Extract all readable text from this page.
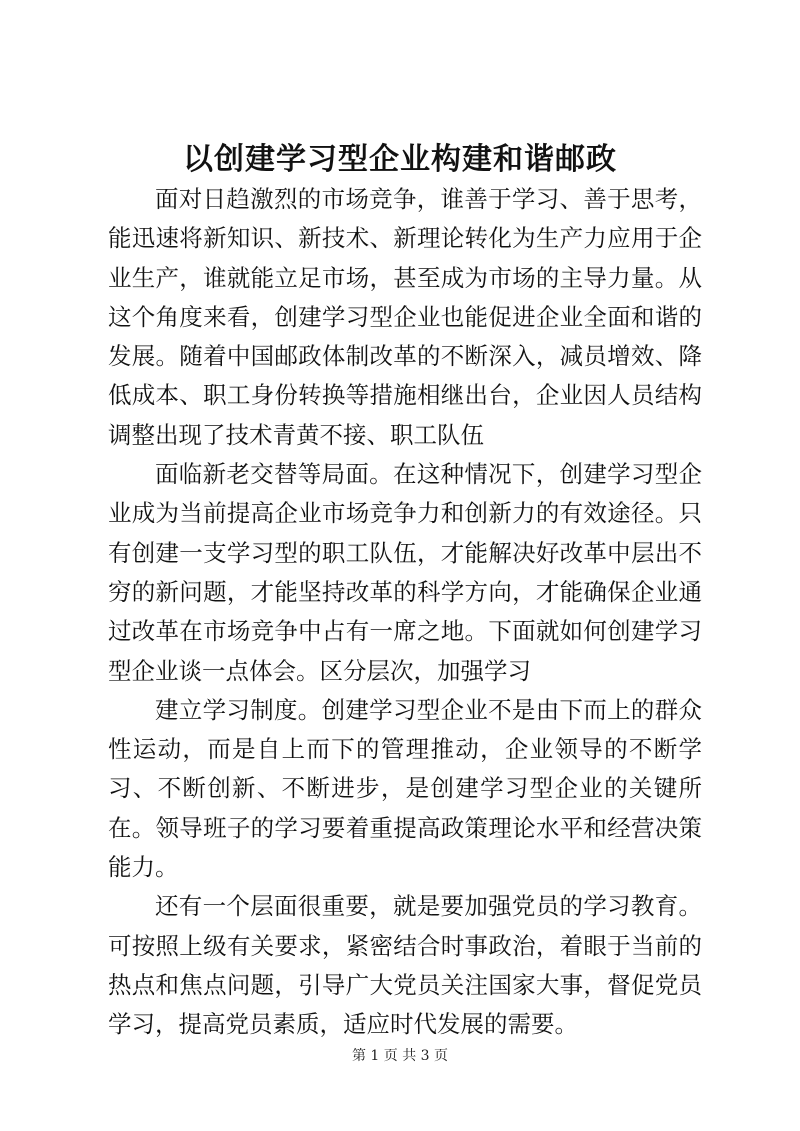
以创建学习型企业构建和谐邮政

面对日趋激烈的市场竞争，谁善于学习、善于思考，能迅速将新知识、新技术、新理论转化为生产力应用于企业生产，谁就能立足市场，甚至成为市场的主导力量。从这个角度来看，创建学习型企业也能促进企业全面和谐的发展。随着中国邮政体制改革的不断深入，减员增效、降低成本、职工身份转换等措施相继出台，企业因人员结构调整出现了技术青黄不接、职工队伍

面临新老交替等局面。在这种情况下，创建学习型企业成为当前提高企业市场竞争力和创新力的有效途径。只有创建一支学习型的职工队伍，才能解决好改革中层出不穷的新问题，才能坚持改革的科学方向，才能确保企业通过改革在市场竞争中占有一席之地。下面就如何创建学习型企业谈一点体会。区分层次，加强学习

建立学习制度。创建学习型企业不是由下而上的群众性运动，而是自上而下的管理推动，企业领导的不断学习、不断创新、不断进步，是创建学习型企业的关键所在。领导班子的学习要着重提高政策理论水平和经营决策能力。

还有一个层面很重要，就是要加强党员的学习教育。可按照上级有关要求，紧密结合时事政治，着眼于当前的热点和焦点问题，引导广大党员关注国家大事，督促党员学习，提高党员素质，适应时代发展的需要。

第 1 页 共 3 页
